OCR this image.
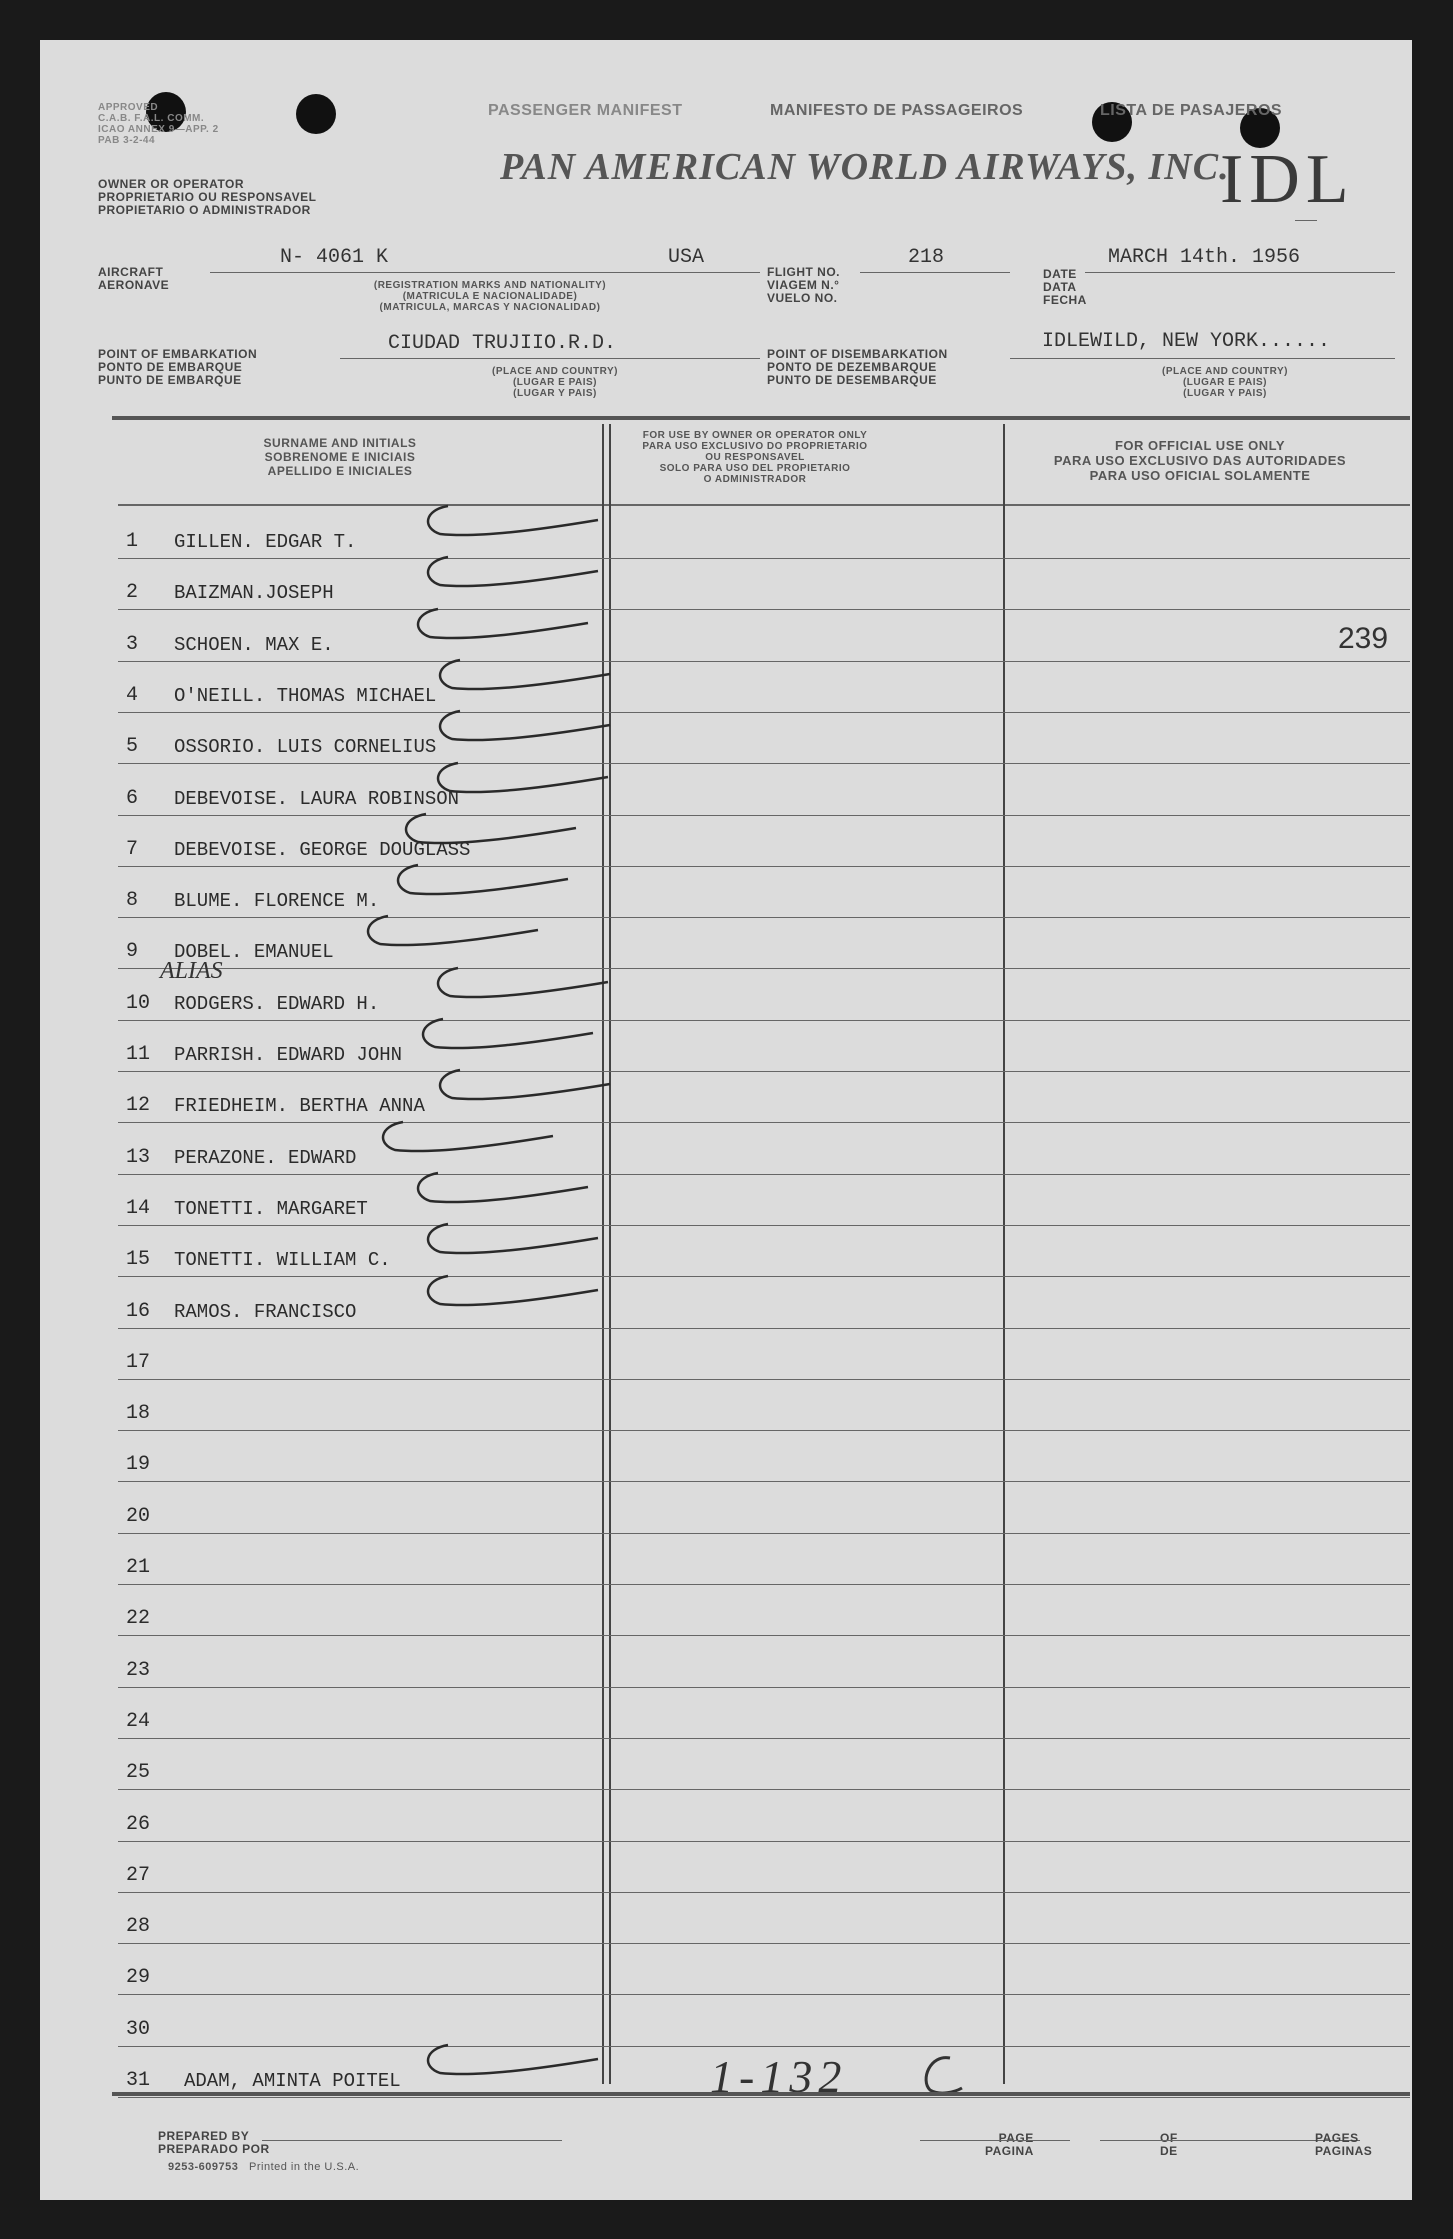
APPROVED
C.A.B. F.A.L. COMM.
ICAO ANNEX 9—APP. 2
PAB 3-2-44
PASSENGER MANIFEST	MANIFESTO DE PASSAGEIROS	LISTA DE PASAJEROS
OWNER OR OPERATOR
PROPRIETARIO OU RESPONSAVEL
PROPIETARIO O ADMINISTRADOR
PAN AMERICAN WORLD AIRWAYS, INC.
IDL
AIRCRAFT
AERONAVE
N- 4061 K	USA
(REGISTRATION MARKS AND NATIONALITY)
(MATRICULA E NACIONALIDADE)
(MATRICULA, MARCAS Y NACIONALIDAD)
FLIGHT NO.
VIAGEM N.°
VUELO NO.
218
DATE
DATA
FECHA
MARCH 14th. 1956
POINT OF EMBARKATION
PONTO DE EMBARQUE
PUNTO DE EMBARQUE
CIUDAD TRUJIIO.R.D.
(PLACE AND COUNTRY)
(LUGAR E PAIS)
(LUGAR Y PAIS)
POINT OF DISEMBARKATION
PONTO DE DEZEMBARQUE
PUNTO DE DESEMBARQUE
IDLEWILD, NEW YORK......
(PLACE AND COUNTRY)
(LUGAR E PAIS)
(LUGAR Y PAIS)
SURNAME AND INITIALS
SOBRENOME E INICIAIS
APELLIDO E INICIALES
FOR USE BY OWNER OR OPERATOR ONLY
PARA USO EXCLUSIVO DO PROPRIETARIO
OU RESPONSAVEL
SOLO PARA USO DEL PROPIETARIO
O ADMINISTRADOR
FOR OFFICIAL USE ONLY
PARA USO EXCLUSIVO DAS AUTORIDADES
PARA USO OFICIAL SOLAMENTE
1 GILLEN. EDGAR T.
2 BAIZMAN.JOSEPH
3 SCHOEN. MAX E.	239
4 O'NEILL. THOMAS MICHAEL
5 OSSORIO. LUIS CORNELIUS
6 DEBEVOISE. LAURA ROBINSON
7 DEBEVOISE. GEORGE DOUGLASS
8 BLUME. FLORENCE M.
9 DOBEL. EMANUEL
10 RODGERS. EDWARD H.
11 PARRISH. EDWARD JOHN
12 FRIEDHEIM. BERTHA ANNA
13 PERAZONE. EDWARD
14 TONETTI. MARGARET
15 TONETTI. WILLIAM C.
16 RAMOS. FRANCISCO
17
18
19
20
21
22
23
24
25
26
27
28
29
30
31 ADAM, AMINTA POITEL
ALIAS
1-132
PREPARED BY
PREPARADO POR
9253-609753 Printed in the U.S.A.
PAGE
PAGINA
OF
DE
PAGES
PAGINAS
